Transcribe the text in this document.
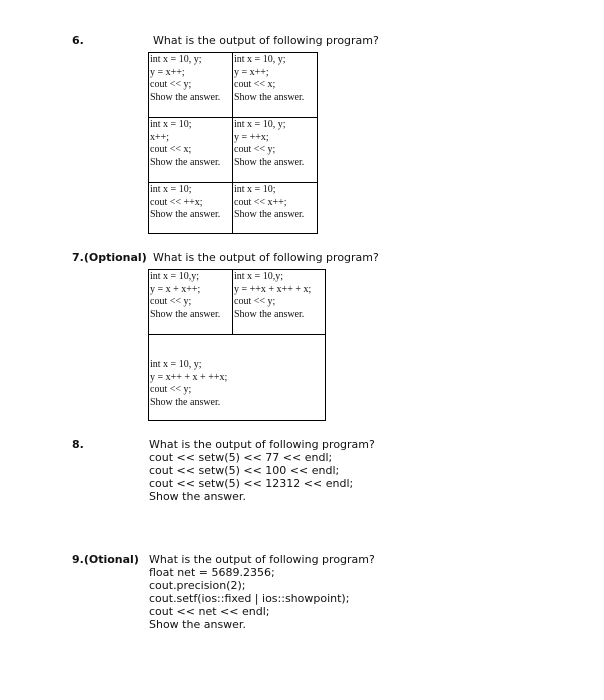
6.	What is the output of following program?
int x = 10, y;
y = x++;
cout << y;
Show the answer.
int x = 10, y;
y = x++;
cout << x;
Show the answer.
int x = 10;
x++;
cout << x;
Show the answer.
int x = 10, y;
y = ++x;
cout << y;
Show the answer.
int x = 10;
cout << ++x;
Show the answer.
int x = 10;
cout << x++;
Show the answer.
7.(Optional) What is the output of following program?
int x = 10,y;
y = x + x++;
cout << y;
Show the answer.
int x = 10,y;
y = ++x + x++ + x;
cout << y;
Show the answer.
int x = 10, y;
y = x++ + x + ++x;
cout << y;
Show the answer.
8.	What is the output of following program?
cout << setw(5) << 77 << endl;
cout << setw(5) << 100 << endl;
cout << setw(5) << 12312 << endl;
Show the answer.
9.(Otional) What is the output of following program?
float net = 5689.2356;
cout.precision(2);
cout.setf(ios::fixed | ios::showpoint);
cout << net << endl;
Show the answer.
